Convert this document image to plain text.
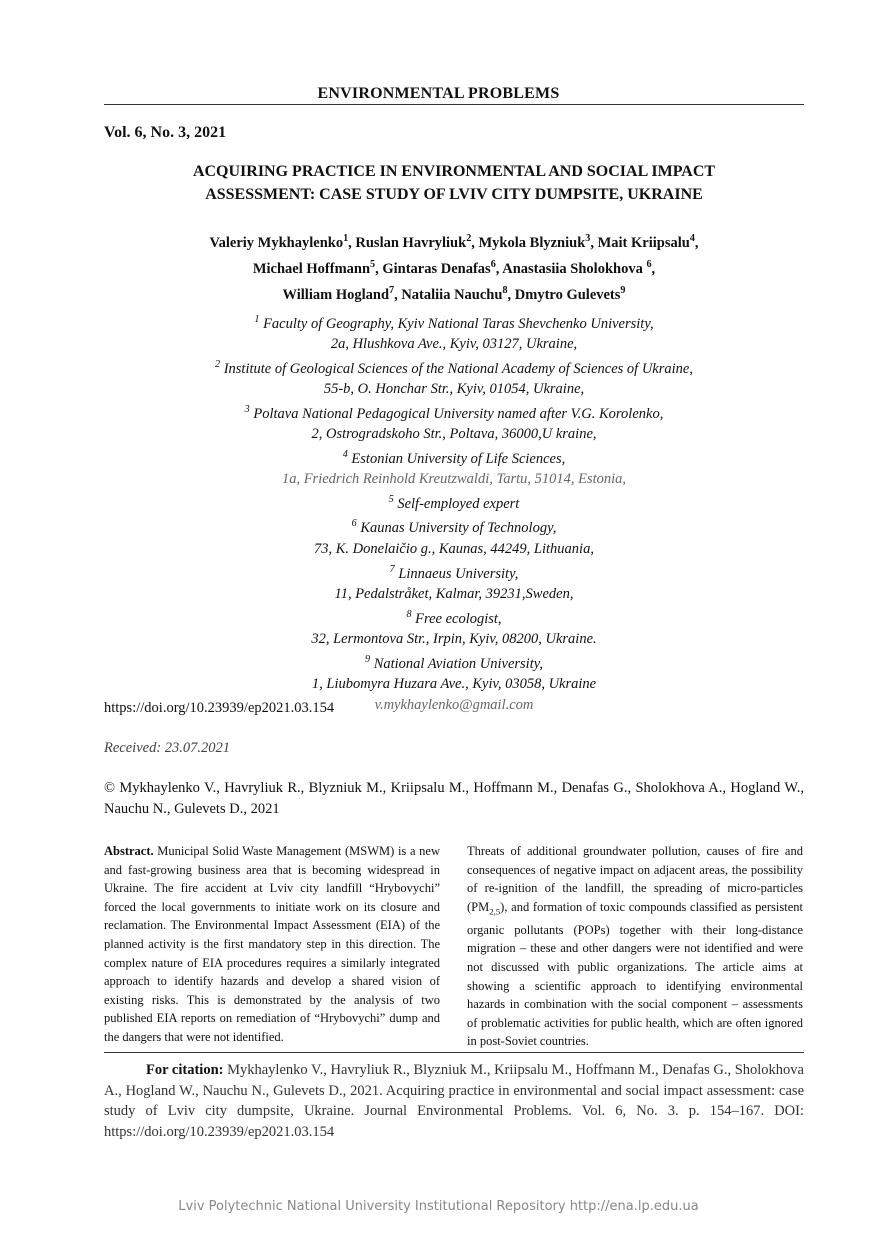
ENVIRONMENTAL PROBLEMS
Vol. 6, No. 3, 2021
ACQUIRING PRACTICE IN ENVIRONMENTAL AND SOCIAL IMPACT
ASSESSMENT: CASE STUDY OF LVIV CITY DUMPSITE, UKRAINE
Valeriy Mykhaylenko$^1$, Ruslan Havryliuk$^2$, Mykola Blyzniuk$^3$, Mait Kriipsalu$^4$,
Michael Hoffmann$^5$, Gintaras Denafas$^6$, Anastasiia Sholokhova $^6$,
William Hogland$^7$, Nataliia Nauchu$^8$, Dmytro Gulevets$^9$
$^1$ Faculty of Geography, Kyiv National Taras Shevchenko University,
2a, Hlushkova Ave., Kyiv, 03127, Ukraine,
$^2$ Institute of Geological Sciences of the National Academy of Sciences of Ukraine,
55-b, O. Honchar Str., Kyiv, 01054, Ukraine,
$^3$ Poltava National Pedagogical University named after V.G. Korolenko,
2, Ostrogradskoho Str., Poltava, 36000,U kraine,
$^4$ Estonian University of Life Sciences,
1a, Friedrich Reinhold Kreutzwaldi, Tartu, 51014, Estonia,
$^5$ Self-employed expert
$^6$ Kaunas University of Technology,
73, K. Donelaičio g., Kaunas, 44249, Lithuania,
$^7$ Linnaeus University,
11, Pedalstråket, Kalmar, 39231,Sweden,
$^8$ Free ecologist,
32, Lermontova Str., Irpin, Kyiv, 08200, Ukraine.
$^9$ National Aviation University,
1, Liubomyra Huzara Ave., Kyiv, 03058, Ukraine
v.mykhaylenko@gmail.com
https://doi.org/10.23939/ep2021.03.154
Received: 23.07.2021
© Mykhaylenko V., Havryliuk R., Blyzniuk M., Kriipsalu M., Hoffmann M., Denafas G., Sholokhova A., Hogland W., Nauchu N., Gulevets D., 2021
Abstract. Municipal Solid Waste Management (MSWM) is a new and fast-growing business area that is becoming widespread in Ukraine. The fire accident at Lviv city landfill “Hrybovychi” forced the local governments to initiate work on its closure and reclamation. The Environmental Impact Assessment (EIA) of the planned activity is the first mandatory step in this direction. The complex nature of EIA procedures requires a similarly integrated approach to identify hazards and develop a shared vision of existing risks. This is demonstrated by the analysis of two published EIA reports on remediation of “Hrybovychi” dump and the dangers that were not identified.
Threats of additional groundwater pollution, causes of fire and consequences of negative impact on adjacent areas, the possibility of re-ignition of the landfill, the spreading of micro-particles $(PM_{2,5})$, and formation of toxic compounds classified as persistent organic pollutants (POPs) together with their long-distance migration – these and other dangers were not identified and were not discussed with public organizations. The article aims at showing a scientific approach to identifying environmental hazards in combination with the social component – assessments of problematic activities for public health, which are often ignored in post-Soviet countries.
For citation: Mykhaylenko V., Havryliuk R., Blyzniuk M., Kriipsalu M., Hoffmann M., Denafas G., Sholokhova A., Hogland W., Nauchu N., Gulevets D., 2021. Acquiring practice in environmental and social impact assessment: case study of Lviv city dumpsite, Ukraine. Journal Environmental Problems. Vol. 6, No. 3. p. 154–167. DOI: https://doi.org/10.23939/ep2021.03.154
Lviv Polytechnic National University Institutional Repository http://ena.lp.edu.ua
